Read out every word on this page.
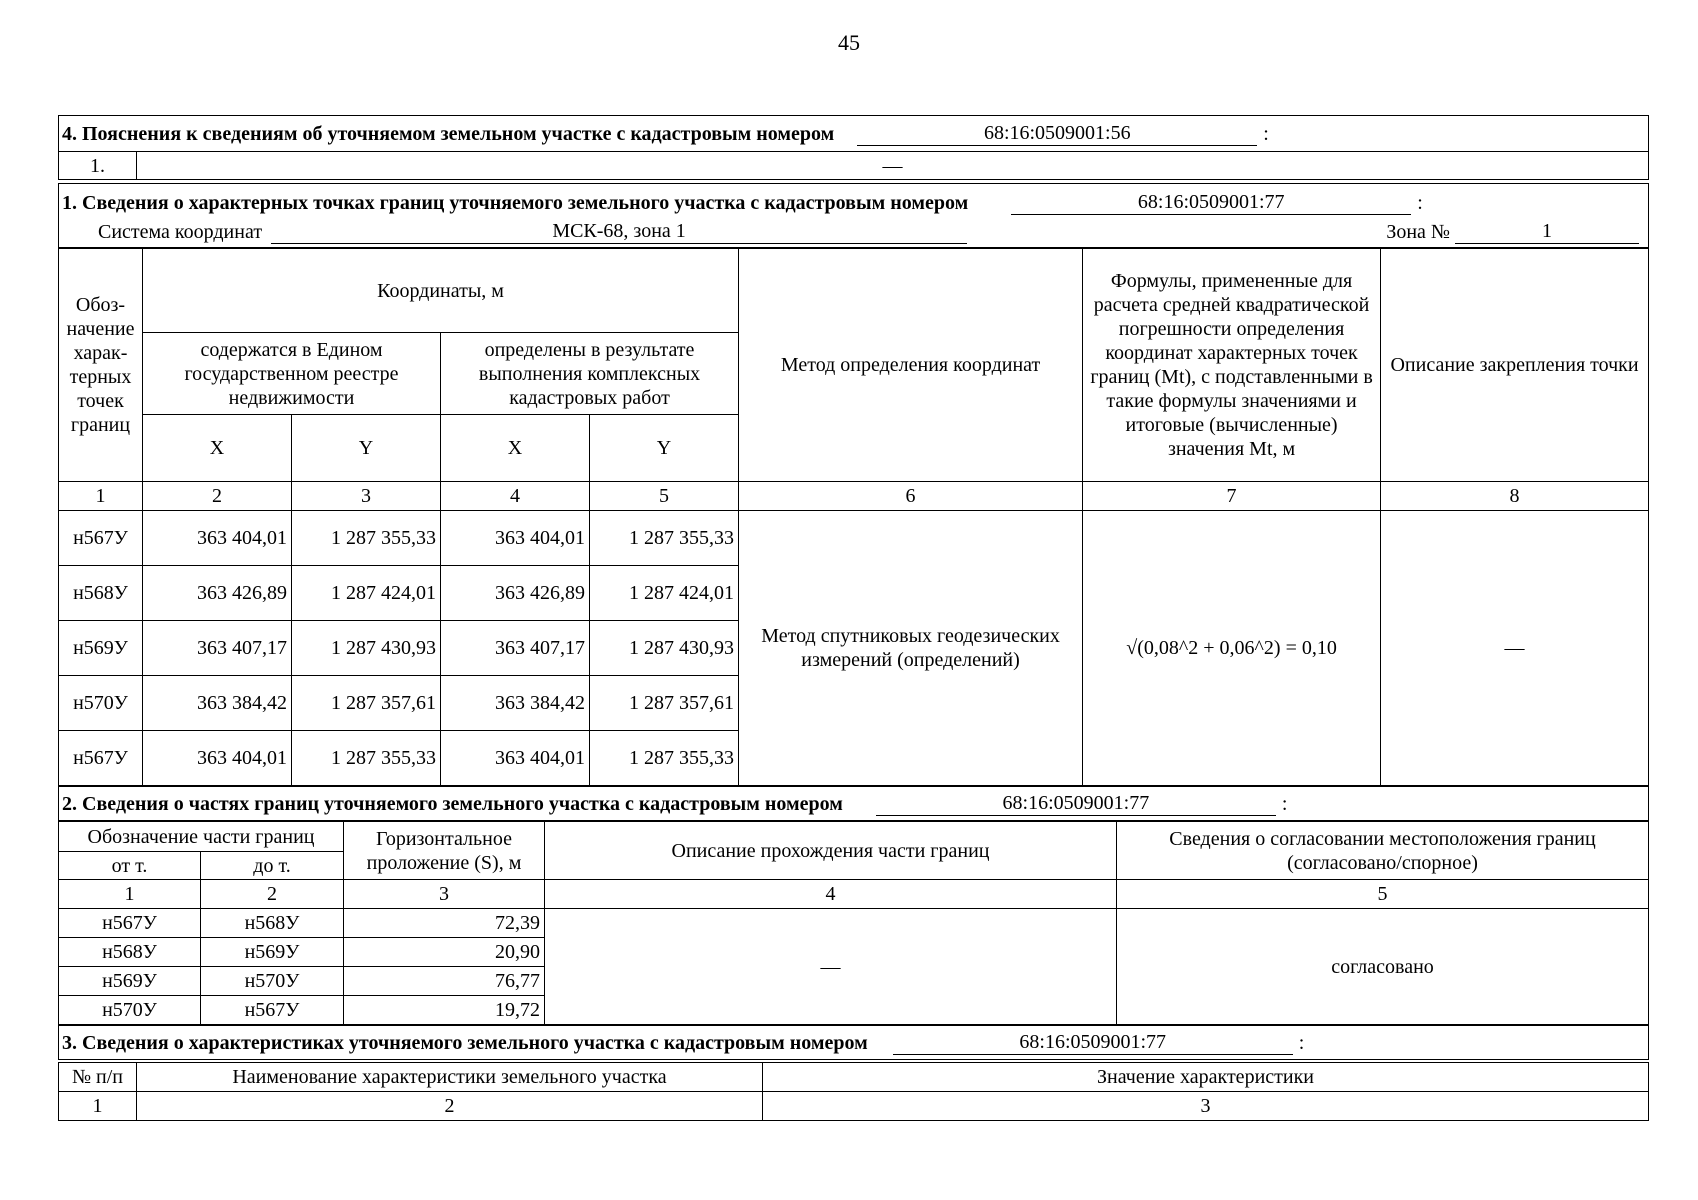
45
4. Пояснения к сведениям об уточняемом земельном участке с кадастровым номером	68:16:0509001:56	:
1.	—
1. Сведения о характерных точках границ уточняемого земельного участка с кадастровым номером	68:16:0509001:77	:
Система координат	МСК-68, зона 1	Зона №	1
Обоз-начение харак-терных точек границ	Координаты, м				Метод определения координат	Формулы, примененные для расчета средней квадратической погрешности определения координат характерных точек границ (Mt), с подставленными в такие формулы значениями и итоговые (вычисленные) значения Mt, м	Описание закрепления точки
	содержатся в Едином государственном реестре недвижимости		определены в результате выполнения комплексных кадастровых работ				
	X	Y	X	Y			
1	2	3	4	5	6	7	8
н567У	363 404,01	1 287 355,33	363 404,01	1 287 355,33	Метод спутниковых геодезических измерений (определений)	√(0,08^2 + 0,06^2) = 0,10	—
н568У	363 426,89	1 287 424,01	363 426,89	1 287 424,01			
н569У	363 407,17	1 287 430,93	363 407,17	1 287 430,93			
н570У	363 384,42	1 287 357,61	363 384,42	1 287 357,61			
н567У	363 404,01	1 287 355,33	363 404,01	1 287 355,33			
2. Сведения о частях границ уточняемого земельного участка с кадастровым номером	68:16:0509001:77	:
Обозначение части границ		Горизонтальное проложение (S), м	Описание прохождения части границ	Сведения о согласовании местоположения границ (согласовано/спорное)
от т.	до т.			
1	2	3	4	5
н567У	н568У	72,39	—	согласовано
н568У	н569У	20,90		
н569У	н570У	76,77		
н570У	н567У	19,72		
3. Сведения о характеристиках уточняемого земельного участка с кадастровым номером	68:16:0509001:77	:
№ п/п	Наименование характеристики земельного участка	Значение характеристики
1	2	3
